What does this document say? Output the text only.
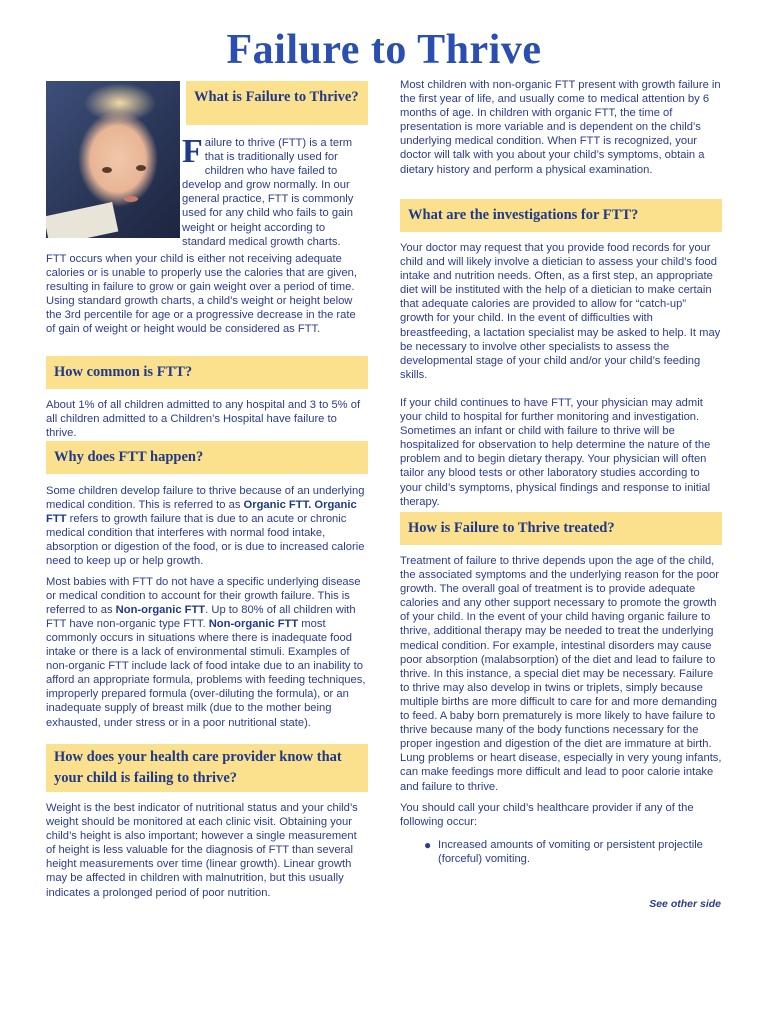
Failure to Thrive
What is Failure to Thrive?

Failure to thrive (FTT) is a term that is traditionally used for children who have failed to develop and grow normally. In our general practice, FTT is commonly used for any child who fails to gain weight or height according to standard medical growth charts.

FTT occurs when your child is either not receiving adequate calories or is unable to properly use the calories that are given, resulting in failure to grow or gain weight over a period of time. Using standard growth charts, a child’s weight or height below the 3rd percentile for age or a progressive decrease in the rate of gain of weight or height would be considered as FTT.

How common is FTT?

About 1% of all children admitted to any hospital and 3 to 5% of all children admitted to a Children’s Hospital have failure to thrive.

Why does FTT happen?

Some children develop failure to thrive because of an underlying medical condition. This is referred to as Organic FTT. Organic FTT refers to growth failure that is due to an acute or chronic medical condition that interferes with normal food intake, absorption or digestion of the food, or is due to increased calorie need to keep up or help growth.

Most babies with FTT do not have a specific underlying disease or medical condition to account for their growth failure. This is referred to as Non-organic FTT. Up to 80% of all children with FTT have non-organic type FTT. Non-organic FTT most commonly occurs in situations where there is inadequate food intake or there is a lack of environmental stimuli. Examples of non-organic FTT include lack of food intake due to an inability to afford an appropriate formula, problems with feeding techniques, improperly prepared formula (over-diluting the formula), or an inadequate supply of breast milk (due to the mother being exhausted, under stress or in a poor nutritional state).

How does your health care provider know that your child is failing to thrive?

Weight is the best indicator of nutritional status and your child’s weight should be monitored at each clinic visit. Obtaining your child’s height is also important; however a single measurement of height is less valuable for the diagnosis of FTT than several height measurements over time (linear growth). Linear growth may be affected in children with malnutrition, but this usually indicates a prolonged period of poor nutrition.

Most children with non-organic FTT present with growth failure in the first year of life, and usually come to medical attention by 6 months of age. In children with organic FTT, the time of presentation is more variable and is dependent on the child’s underlying medical condition. When FTT is recognized, your doctor will talk with you about your child’s symptoms, obtain a dietary history and perform a physical examination.

What are the investigations for FTT?

Your doctor may request that you provide food records for your child and will likely involve a dietician to assess your child’s food intake and nutrition needs. Often, as a first step, an appropriate diet will be instituted with the help of a dietician to make certain that adequate calories are provided to allow for “catch-up” growth for your child. In the event of difficulties with breastfeeding, a lactation specialist may be asked to help. It may be necessary to involve other specialists to assess the developmental stage of your child and/or your child’s feeding skills.

If your child continues to have FTT, your physician may admit your child to hospital for further monitoring and investigation. Sometimes an infant or child with failure to thrive will be hospitalized for observation to help determine the nature of the problem and to begin dietary therapy. Your physician will often tailor any blood tests or other laboratory studies according to your child’s symptoms, physical findings and response to initial therapy.

How is Failure to Thrive treated?

Treatment of failure to thrive depends upon the age of the child, the associated symptoms and the underlying reason for the poor growth. The overall goal of treatment is to provide adequate calories and any other support necessary to promote the growth of your child. In the event of your child having organic failure to thrive, additional therapy may be needed to treat the underlying medical condition. For example, intestinal disorders may cause poor absorption (malabsorption) of the diet and lead to failure to thrive. In this instance, a special diet may be necessary. Failure to thrive may also develop in twins or triplets, simply because multiple births are more difficult to care for and more demanding to feed. A baby born prematurely is more likely to have failure to thrive because many of the body functions necessary for the proper ingestion and digestion of the diet are immature at birth. Lung problems or heart disease, especially in very young infants, can make feedings more difficult and lead to poor calorie intake and failure to thrive.

You should call your child’s healthcare provider if any of the following occur:

● Increased amounts of vomiting or persistent projectile (forceful) vomiting.
See other side
